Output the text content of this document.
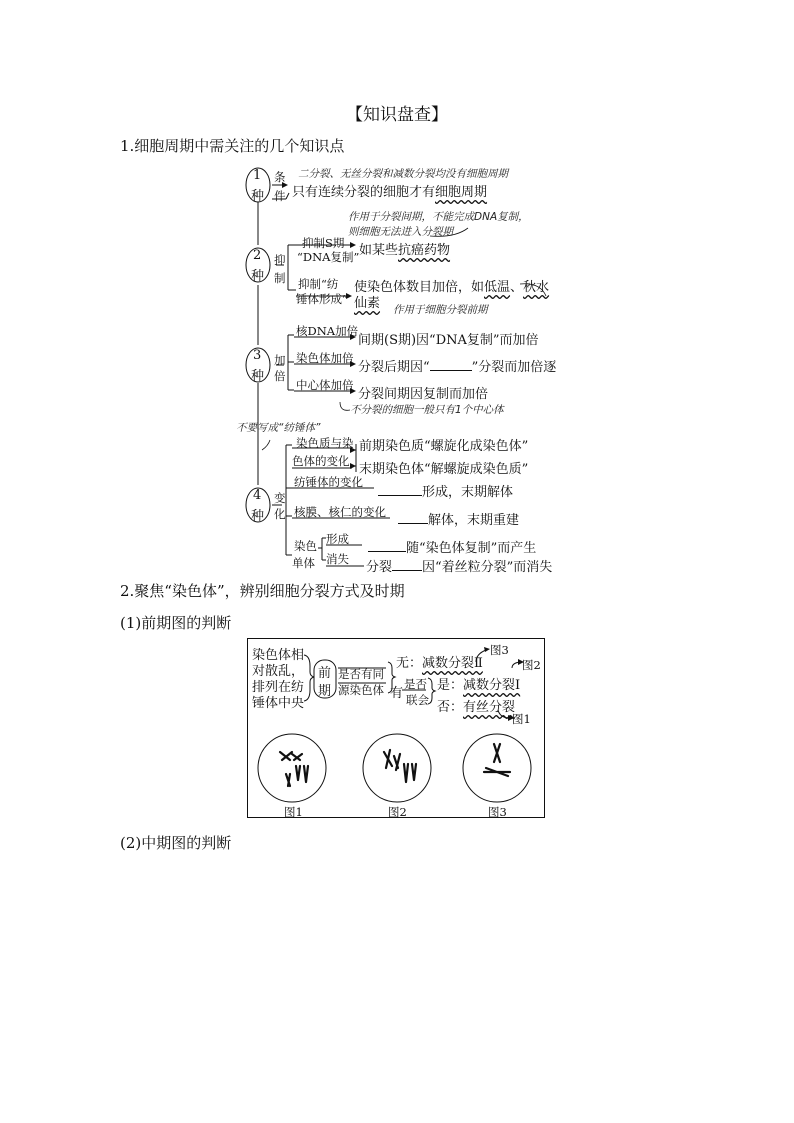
【知识盘查】
1.细胞周期中需关注的几个知识点
1
种
条
件
二分裂、无丝分裂和减数分裂均没有细胞周期
只有连续分裂的细胞才有细胞周期
作用于分裂间期，不能完成DNA复制，
则细胞无法进入分裂期
2
种
抑
制
抑制S期
“DNA复制” 如某些抗癌药物
抑制“纺
锤体形成”
使染色体数目加倍，如低温、秋水
仙素 作用于细胞分裂前期
3
种
加
倍
核DNA加倍
间期(S期)因“DNA复制”而加倍
染色体加倍
分裂后期因“	”分裂而加倍逐
中心体加倍
分裂间期因复制而加倍
不分裂的细胞一般只有1个中心体
不要写成“纺锤体”
4
种
变
化
染色质与染
色体的变化
前期染色质“螺旋化成染色体”
末期染色体“解螺旋成染色质”
纺锤体的变化
形成，末期解体
核膜、核仁的变化
解体，末期重建
染色
单体
形成
随“染色体复制”而产生
消失
分裂 因“着丝粒分裂”而消失
2.聚焦“染色体”，辨别细胞分裂方式及时期
(1)前期图的判断
染色体相
对散乱，
排列在纺
锤体中央
前
期
是否有同
源染色体
无：减数分裂Ⅱ
图3
有
是否
联会
是：减数分裂Ⅰ
图2
否：有丝分裂
图1
图1	图2	图3
(2)中期图的判断
